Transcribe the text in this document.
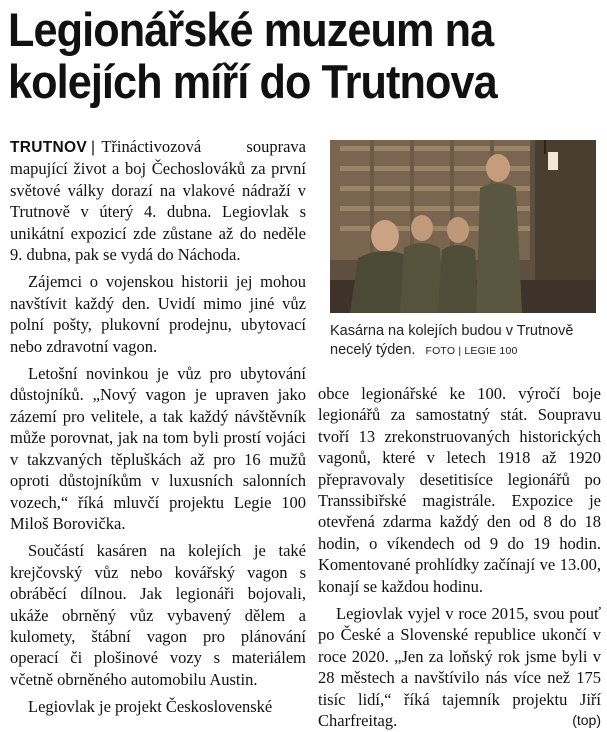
Legionářské muzeum na
kolejích míří do Trutnova

TRUTNOV | Třináctivozová souprava mapující život a boj Čechoslováků za první světové války dorazí na vlakové nádraží v Trutnově v úterý 4. dubna. Legiovlak s unikátní expozicí zde zůstane až do neděle 9. dubna, pak se vydá do Náchoda.

Zájemci o vojenskou historii jej mohou navštívit každý den. Uvidí mimo jiné vůz polní pošty, plukovní prodejnu, ubytovací nebo zdravotní vagon.

Letošní novinkou je vůz pro ubytování důstojníků. „Nový vagon je upraven jako zázemí pro velitele, a tak každý návštěvník může porovnat, jak na tom byli prostí vojáci v takzvaných těpluškách až pro 16 mužů oproti důstojníkům v luxusních salonních vozech,“ říká mluvčí projektu Legie 100 Miloš Borovička.

Součástí kasáren na kolejích je také krejčovský vůz nebo kovářský vagon s obráběcí dílnou. Jak legionáři bojovali, ukáže obrněný vůz vybavený dělem a kulomety, štábní vagon pro plánování operací či plošinové vozy s materiálem včetně obrněného automobilu Austin.

Legiovlak je projekt Československé

Kasárna na kolejích budou v Trutnově necelý týden. FOTO | LEGIE 100

obce legionářské ke 100. výročí boje legionářů za samostatný stát. Soupravu tvoří 13 zrekonstruovaných historických vagonů, které v letech 1918 až 1920 přepravovaly desetitisíce legionářů po Transsibiřské magistrále. Expozice je otevřená zdarma každý den od 8 do 18 hodin, o víkendech od 9 do 19 hodin. Komentované prohlídky začínají ve 13.00, konají se každou hodinu.

Legiovlak vyjel v roce 2015, svou pouť po České a Slovenské republice ukončí v roce 2020. „Jen za loňský rok jsme byli v 28 městech a navštívilo nás více než 175 tisíc lidí,“ říká tajemník projektu Jiří Charfreitag.	(top)
